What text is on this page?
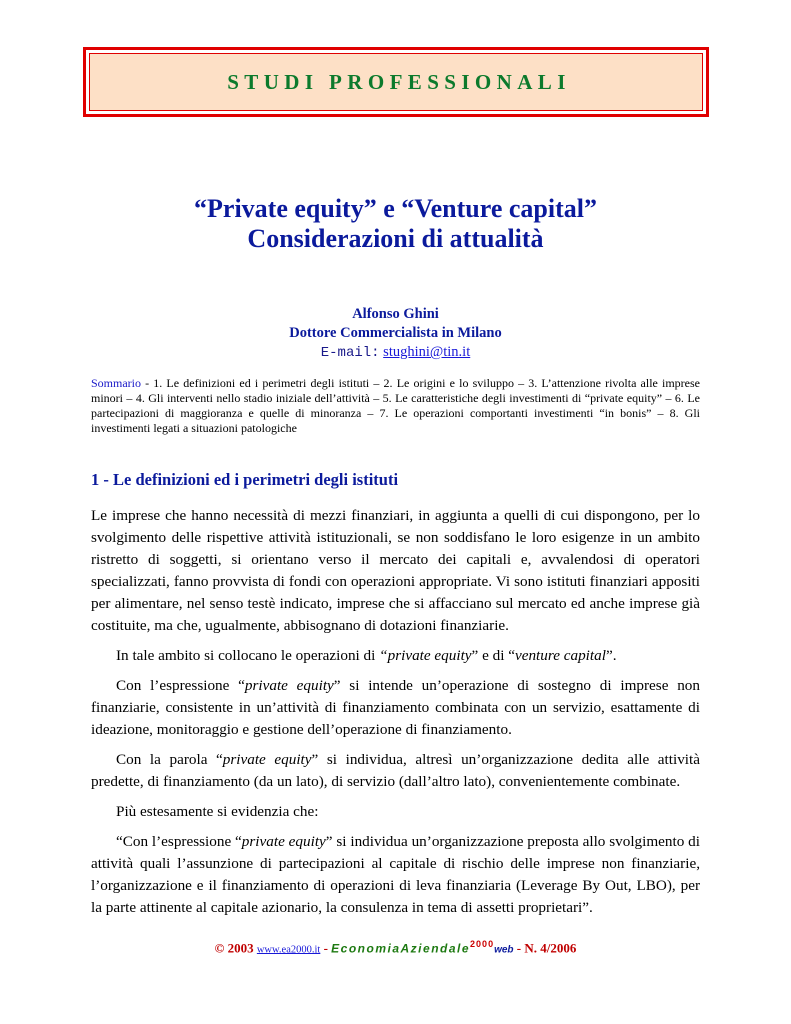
STUDI PROFESSIONALI
“Private equity” e “Venture capital”
Considerazioni di attualità
Alfonso Ghini
Dottore Commercialista in Milano
E-mail: stughini@tin.it
Sommario - 1. Le definizioni ed i perimetri degli istituti – 2. Le origini e lo sviluppo – 3. L’attenzione rivolta alle imprese minori – 4. Gli interventi nello stadio iniziale dell’attività – 5. Le caratteristiche degli investimenti di “private equity” – 6. Le partecipazioni di maggioranza e quelle di minoranza – 7. Le operazioni comportanti investimenti “in bonis” – 8. Gli investimenti legati a situazioni patologiche
1 - Le definizioni ed i perimetri degli istituti

Le imprese che hanno necessità di mezzi finanziari, in aggiunta a quelli di cui dispongono, per lo svolgimento delle rispettive attività istituzionali, se non soddisfano le loro esigenze in un ambito ristretto di soggetti, si orientano verso il mercato dei capitali e, avvalendosi di operatori specializzati, fanno provvista di fondi con operazioni appropriate. Vi sono istituti finanziari appositi per alimentare, nel senso testè indicato, imprese che si affacciano sul mercato ed anche imprese già costituite, ma che, ugualmente, abbisognano di dotazioni finanziarie.

In tale ambito si collocano le operazioni di “private equity” e di “venture capital”.

Con l’espressione “private equity” si intende un’operazione di sostegno di imprese non finanziarie, consistente in un’attività di finanziamento combinata con un servizio, esattamente di ideazione, monitoraggio e gestione dell’operazione di finanziamento.

Con la parola “private equity” si individua, altresì un’organizzazione dedita alle attività predette, di finanziamento (da un lato), di servizio (dall’altro lato), convenientemente combinate.

Più estesamente si evidenzia che:

“Con l’espressione “private equity” si individua un’organizzazione preposta allo svolgimento di attività quali l’assunzione di partecipazioni al capitale di rischio delle imprese non finanziarie, l’organizzazione e il finanziamento di operazioni di leva finanziaria (Leverage By Out, LBO), per la parte attinente al capitale azionario, la consulenza in tema di assetti proprietari”.

© 2003 www.ea2000.it - EconomiaAziendale$^{2000}$web - N. 4/2006
